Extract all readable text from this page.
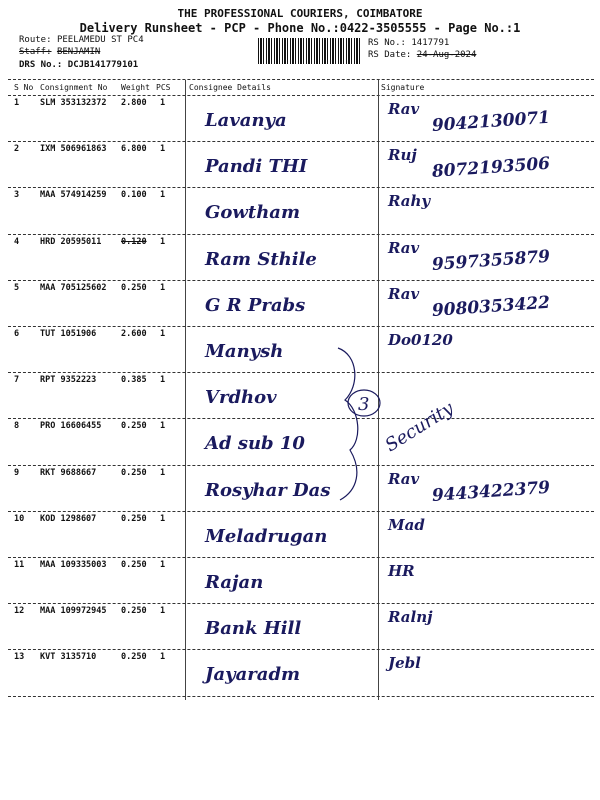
THE PROFESSIONAL COURIERS, COIMBATORE
Delivery Runsheet - PCP - Phone No.:0422-3505555 - Page No.:1
Route: PEELAMEDU ST PC4
Staff: BENJAMIN
DRS No.: DCJB141779101
RS No.: 1417791
RS Date: 24-Aug-2024
S No Consignment No Weight PCS Consignee Details	Signature
1 SLM 353132372 2.800 1
Lavanya
Rav 9042130071
2 IXM 506961863 6.800 1
Pandi THI
Ruj 8072193506
3 MAA 574914259 0.100 1
Gowtham
Rahy
4 HRD 20595011 0.120 1
Ram Sthile
Rav 9597355879
5 MAA 705125602 0.250 1
G R Prabs
Rav 9080353422
6 TUT 1051906	2.600 1
Manysh
Do0120
7 RPT 9352223	0.385 1
Vrdhov
8 PRO 16606455 0.250 1
Ad sub 10
9 RKT 9688667	0.250 1
Rosyhar Das
Rav 9443422379
10 KOD 1298607	0.250 1
Meladrugan
Mad
11 MAA 109335003 0.250 1
Rajan
HR
12 MAA 109972945 0.250 1
Bank Hill
Ralnj
13 KVT 3135710	0.250 1
Jayaradm
Jebl
3 Security
